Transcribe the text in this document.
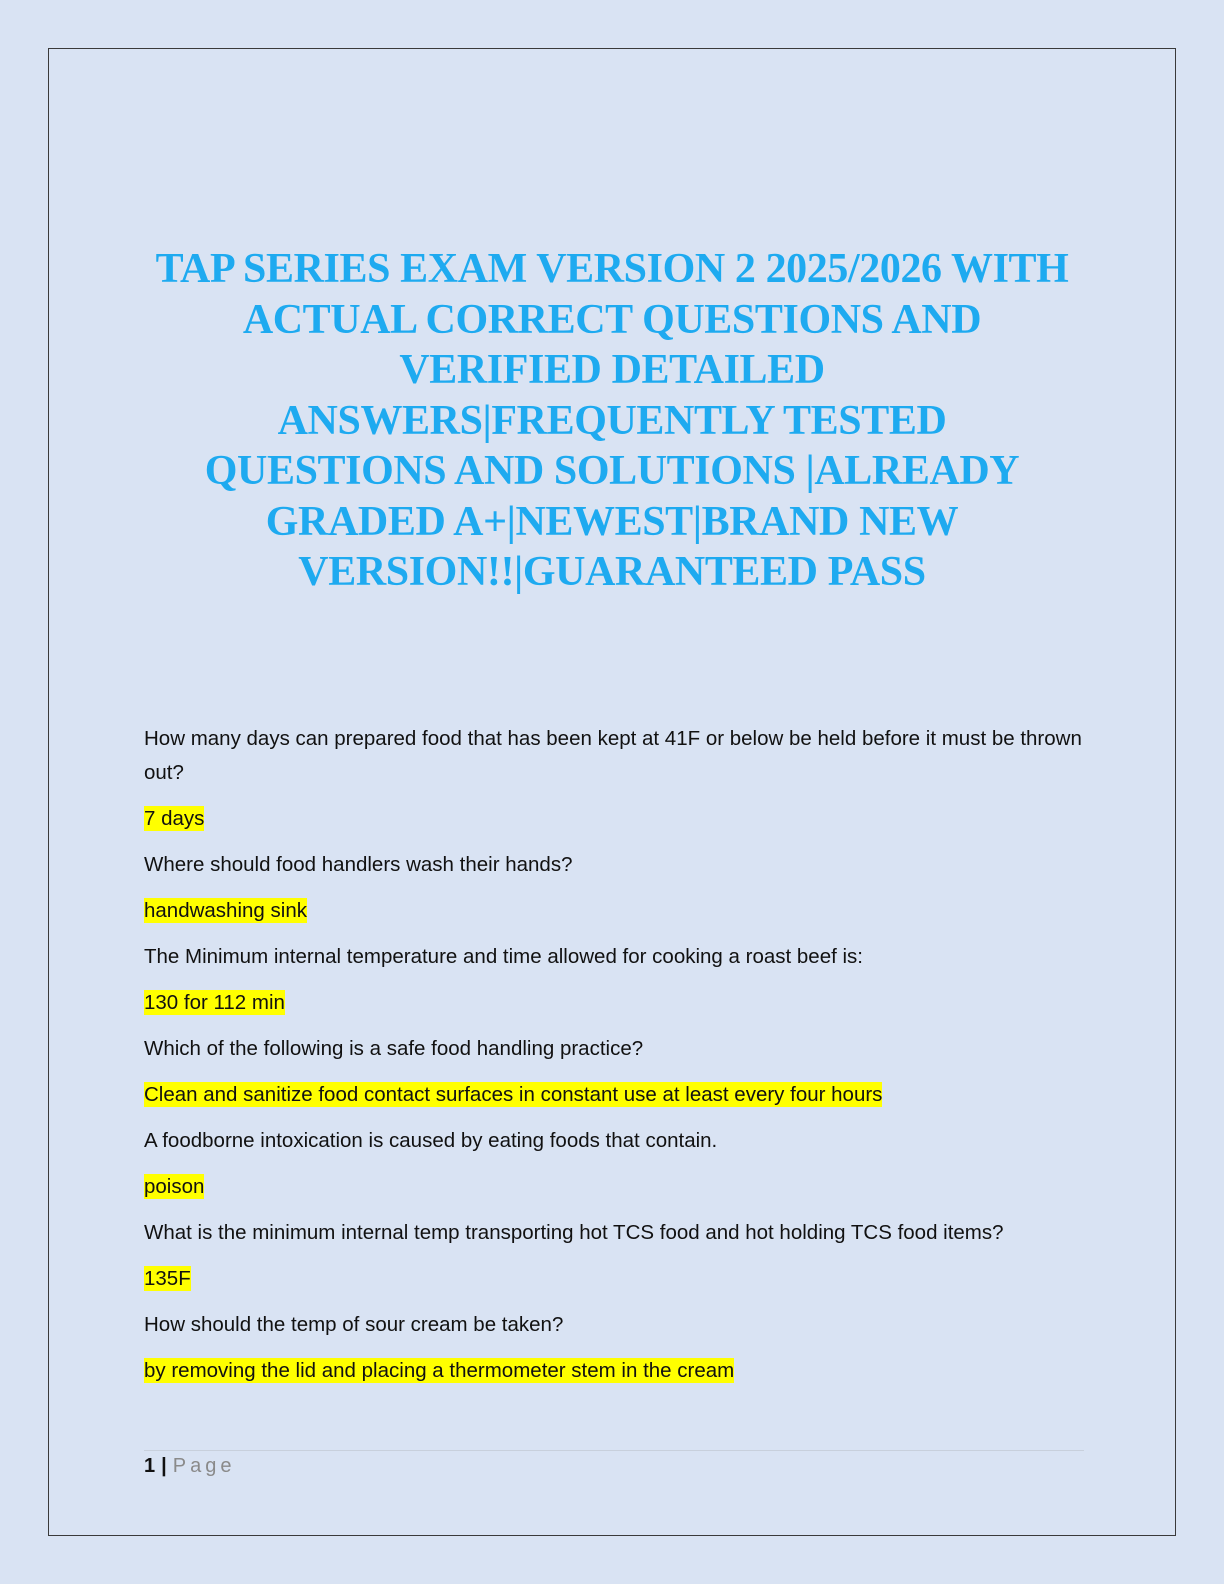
TAP SERIES EXAM VERSION 2 2025/2026 WITH
ACTUAL CORRECT QUESTIONS AND
VERIFIED DETAILED
ANSWERS|FREQUENTLY TESTED
QUESTIONS AND SOLUTIONS |ALREADY
GRADED A+|NEWEST|BRAND NEW
VERSION!!|GUARANTEED PASS

How many days can prepared food that has been kept at 41F or below be held before it must be thrown out?

7 days

Where should food handlers wash their hands?

handwashing sink

The Minimum internal temperature and time allowed for cooking a roast beef is:

130 for 112 min

Which of the following is a safe food handling practice?

Clean and sanitize food contact surfaces in constant use at least every four hours

A foodborne intoxication is caused by eating foods that contain.

poison

What is the minimum internal temp transporting hot TCS food and hot holding TCS food items?

135F

How should the temp of sour cream be taken?

by removing the lid and placing a thermometer stem in the cream

1 | Page
